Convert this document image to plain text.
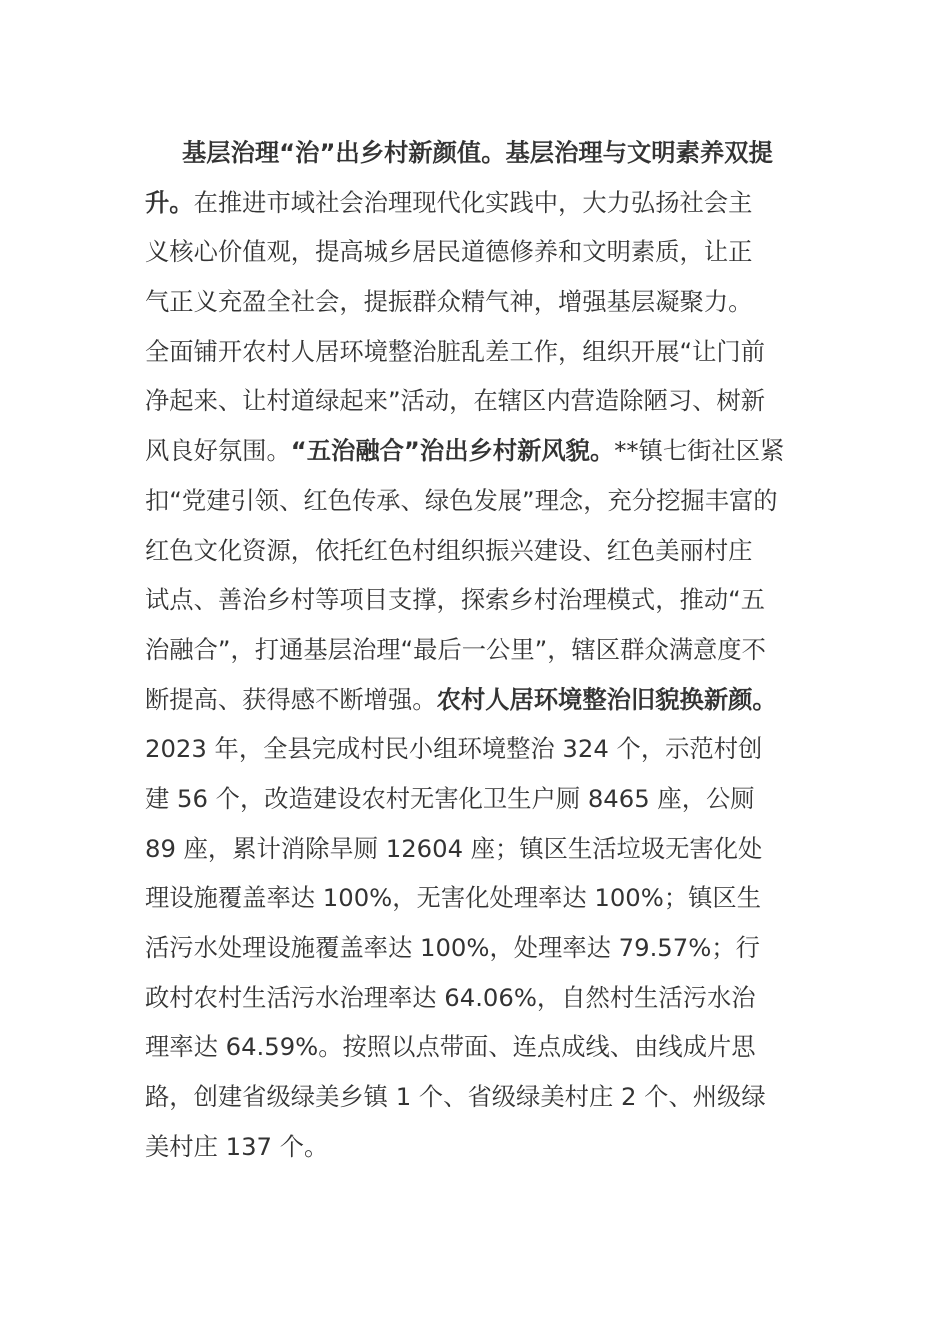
基层治理“治”出乡村新颜值。基层治理与文明素养双提
升。在推进市域社会治理现代化实践中，大力弘扬社会主
义核心价值观，提高城乡居民道德修养和文明素质，让正
气正义充盈全社会，提振群众精气神，增强基层凝聚力。
全面铺开农村人居环境整治脏乱差工作，组织开展“让门前
净起来、让村道绿起来”活动，在辖区内营造除陋习、树新
风良好氛围。“五治融合”治出乡村新风貌。**镇七街社区紧
扣“党建引领、红色传承、绿色发展”理念，充分挖掘丰富的
红色文化资源，依托红色村组织振兴建设、红色美丽村庄
试点、善治乡村等项目支撑，探索乡村治理模式，推动“五
治融合”，打通基层治理“最后一公里”，辖区群众满意度不
断提高、获得感不断增强。农村人居环境整治旧貌换新颜。
2023 年，全县完成村民小组环境整治 324 个，示范村创
建 56 个，改造建设农村无害化卫生户厕 8465 座，公厕
89 座，累计消除旱厕 12604 座；镇区生活垃圾无害化处
理设施覆盖率达 100%，无害化处理率达 100%；镇区生
活污水处理设施覆盖率达 100%，处理率达 79.57%；行
政村农村生活污水治理率达 64.06%，自然村生活污水治
理率达 64.59%。按照以点带面、连点成线、由线成片思
路，创建省级绿美乡镇 1 个、省级绿美村庄 2 个、州级绿
美村庄 137 个。
